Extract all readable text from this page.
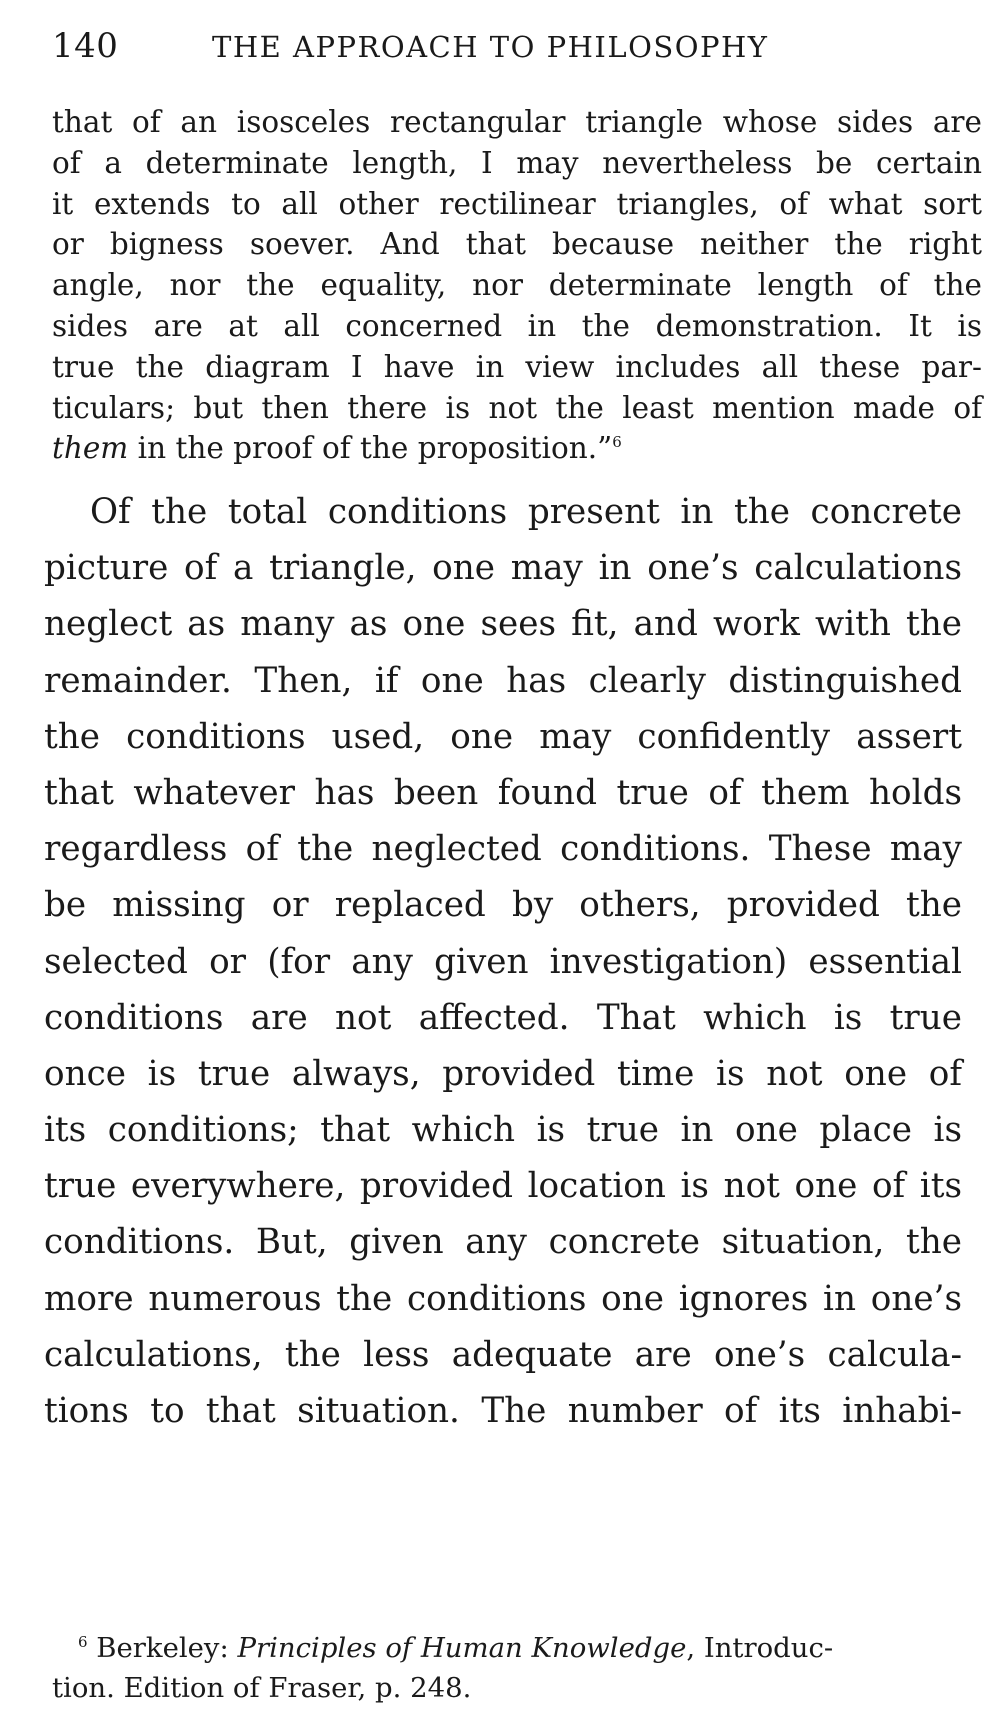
140	THE APPROACH TO PHILOSOPHY
that of an isosceles rectangular triangle whose sides are
of a determinate length, I may nevertheless be certain
it extends to all other rectilinear triangles, of what sort
or bigness soever. And that because neither the right
angle, nor the equality, nor determinate length of the
sides are at all concerned in the demonstration. It is
true the diagram I have in view includes all these par-
ticulars; but then there is not the least mention made of
them in the proof of the proposition.”$^6$
Of the total conditions present in the concrete
picture of a triangle, one may in one’s calculations
neglect as many as one sees fit, and work with the
remainder. Then, if one has clearly distinguished
the conditions used, one may confidently assert
that whatever has been found true of them holds
regardless of the neglected conditions. These may
be missing or replaced by others, provided the
selected or (for any given investigation) essential
conditions are not affected. That which is true
once is true always, provided time is not one of
its conditions; that which is true in one place is
true everywhere, provided location is not one of its
conditions. But, given any concrete situation, the
more numerous the conditions one ignores in one’s
calculations, the less adequate are one’s calcula-
tions to that situation. The number of its inhabi-
$^6$ Berkeley: Principles of Human Knowledge, Introduc-
tion. Edition of Fraser, p. 248.
